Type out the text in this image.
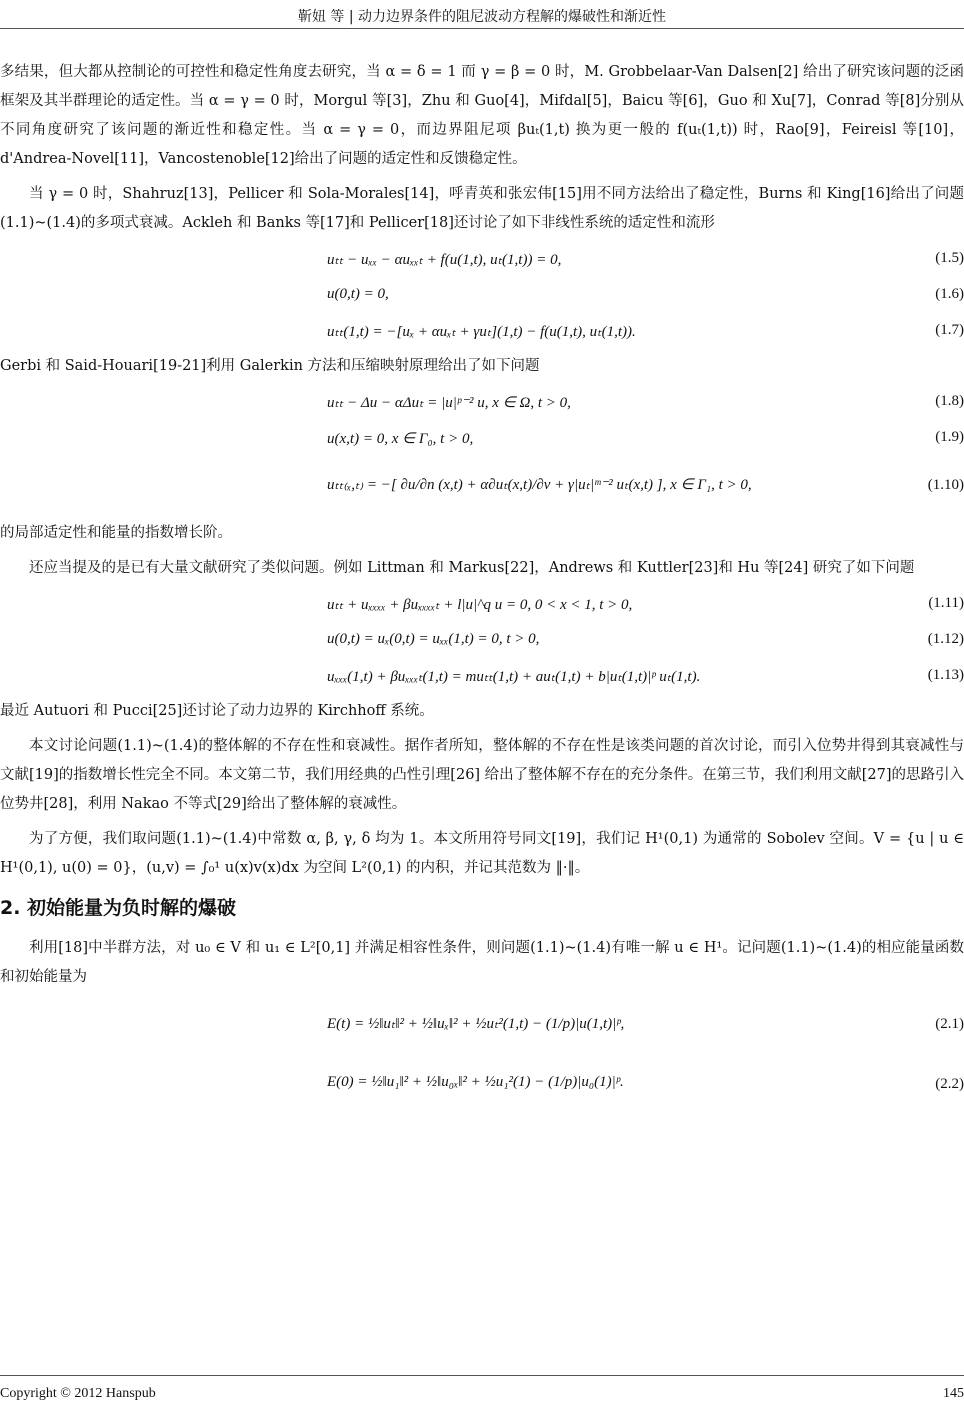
靳妞 等 | 动力边界条件的阻尼波动方程解的爆破性和渐近性

多结果，但大都从控制论的可控性和稳定性角度去研究，当 α = δ = 1 而 γ = β = 0 时，M. Grobbelaar-Van Dalsen[2] 给出了研究该问题的泛函框架及其半群理论的适定性。当 α = γ = 0 时，Morgul 等[3]，Zhu 和 Guo[4]，Mifdal[5]，Baicu 等[6]，Guo 和 Xu[7]，Conrad 等[8]分别从不同角度研究了该问题的渐近性和稳定性。当 α = γ = 0，而边界阻尼项 βuₜ(1,t) 换为更一般的 f(uₜ(1,t)) 时，Rao[9]，Feireisl 等[10]，d'Andrea-Novel[11]，Vancostenoble[12]给出了问题的适定性和反馈稳定性。

当 γ = 0 时，Shahruz[13]，Pellicer 和 Sola-Morales[14]，呼青英和张宏伟[15]用不同方法给出了稳定性，Burns 和 King[16]给出了问题(1.1)~(1.4)的多项式衰减。Ackleh 和 Banks 等[17]和 Pellicer[18]还讨论了如下非线性系统的适定性和流形

uₜₜ − uₓₓ − αuₓₓₜ + f(u(1,t), uₜ(1,t)) = 0,	(1.5)
u(0,t) = 0,	(1.6)
uₜₜ(1,t) = −[uₓ + αuₓₜ + γuₜ](1,t) − f(u(1,t), uₜ(1,t)).	(1.7)

Gerbi 和 Said-Houari[19-21]利用 Galerkin 方法和压缩映射原理给出了如下问题

uₜₜ − Δu − αΔuₜ = |u|ᵖ⁻² u, x ∈ Ω, t > 0,	(1.8)
u(x,t) = 0, x ∈ Γ₀, t > 0,	(1.9)
uₜₜ₍ₓ,ₜ₎ = −[ ∂u/∂n (x,t) + α∂uₜ(x,t)/∂ν + γ|uₜ|ᵐ⁻² uₜ(x,t) ], x ∈ Γ₁, t > 0,	(1.10)

的局部适定性和能量的指数增长阶。

还应当提及的是已有大量文献研究了类似问题。例如 Littman 和 Markus[22]，Andrews 和 Kuttler[23]和 Hu 等[24] 研究了如下问题

uₜₜ + uₓₓₓₓ + βuₓₓₓₓₜ + l|u|^q u = 0, 0 < x < 1, t > 0,	(1.11)
u(0,t) = uₓ(0,t) = uₓₓ(1,t) = 0, t > 0,	(1.12)
uₓₓₓ(1,t) + βuₓₓₓₜ(1,t) = muₜₜ(1,t) + auₜ(1,t) + b|uₜ(1,t)|ᵖ uₜ(1,t).	(1.13)

最近 Autuori 和 Pucci[25]还讨论了动力边界的 Kirchhoff 系统。

本文讨论问题(1.1)~(1.4)的整体解的不存在性和衰减性。据作者所知，整体解的不存在性是该类问题的首次讨论，而引入位势井得到其衰减性与文献[19]的指数增长性完全不同。本文第二节，我们用经典的凸性引理[26] 给出了整体解不存在的充分条件。在第三节，我们利用文献[27]的思路引入位势井[28]，利用 Nakao 不等式[29]给出了整体解的衰减性。

为了方便，我们取问题(1.1)~(1.4)中常数 α, β, γ, δ 均为 1。本文所用符号同文[19]，我们记 H¹(0,1) 为通常的 Sobolev 空间。V = {u | u ∈ H¹(0,1), u(0) = 0}，(u,v) = ∫₀¹ u(x)v(x)dx 为空间 L²(0,1) 的内积，并记其范数为 ‖·‖。

2. 初始能量为负时解的爆破

利用[18]中半群方法，对 u₀ ∈ V 和 u₁ ∈ L²[0,1] 并满足相容性条件，则问题(1.1)~(1.4)有唯一解 u ∈ H¹。记问题(1.1)~(1.4)的相应能量函数和初始能量为

E(t) = ½‖uₜ‖² + ½‖uₓ‖² + ½uₜ²(1,t) − (1/p)|u(1,t)|ᵖ,	(2.1)
E(0) = ½‖u₁‖² + ½‖u₀ₓ‖² + ½u₁²(1) − (1/p)|u₀(1)|ᵖ.	(2.2)
Copyright © 2012 Hanspub	145
